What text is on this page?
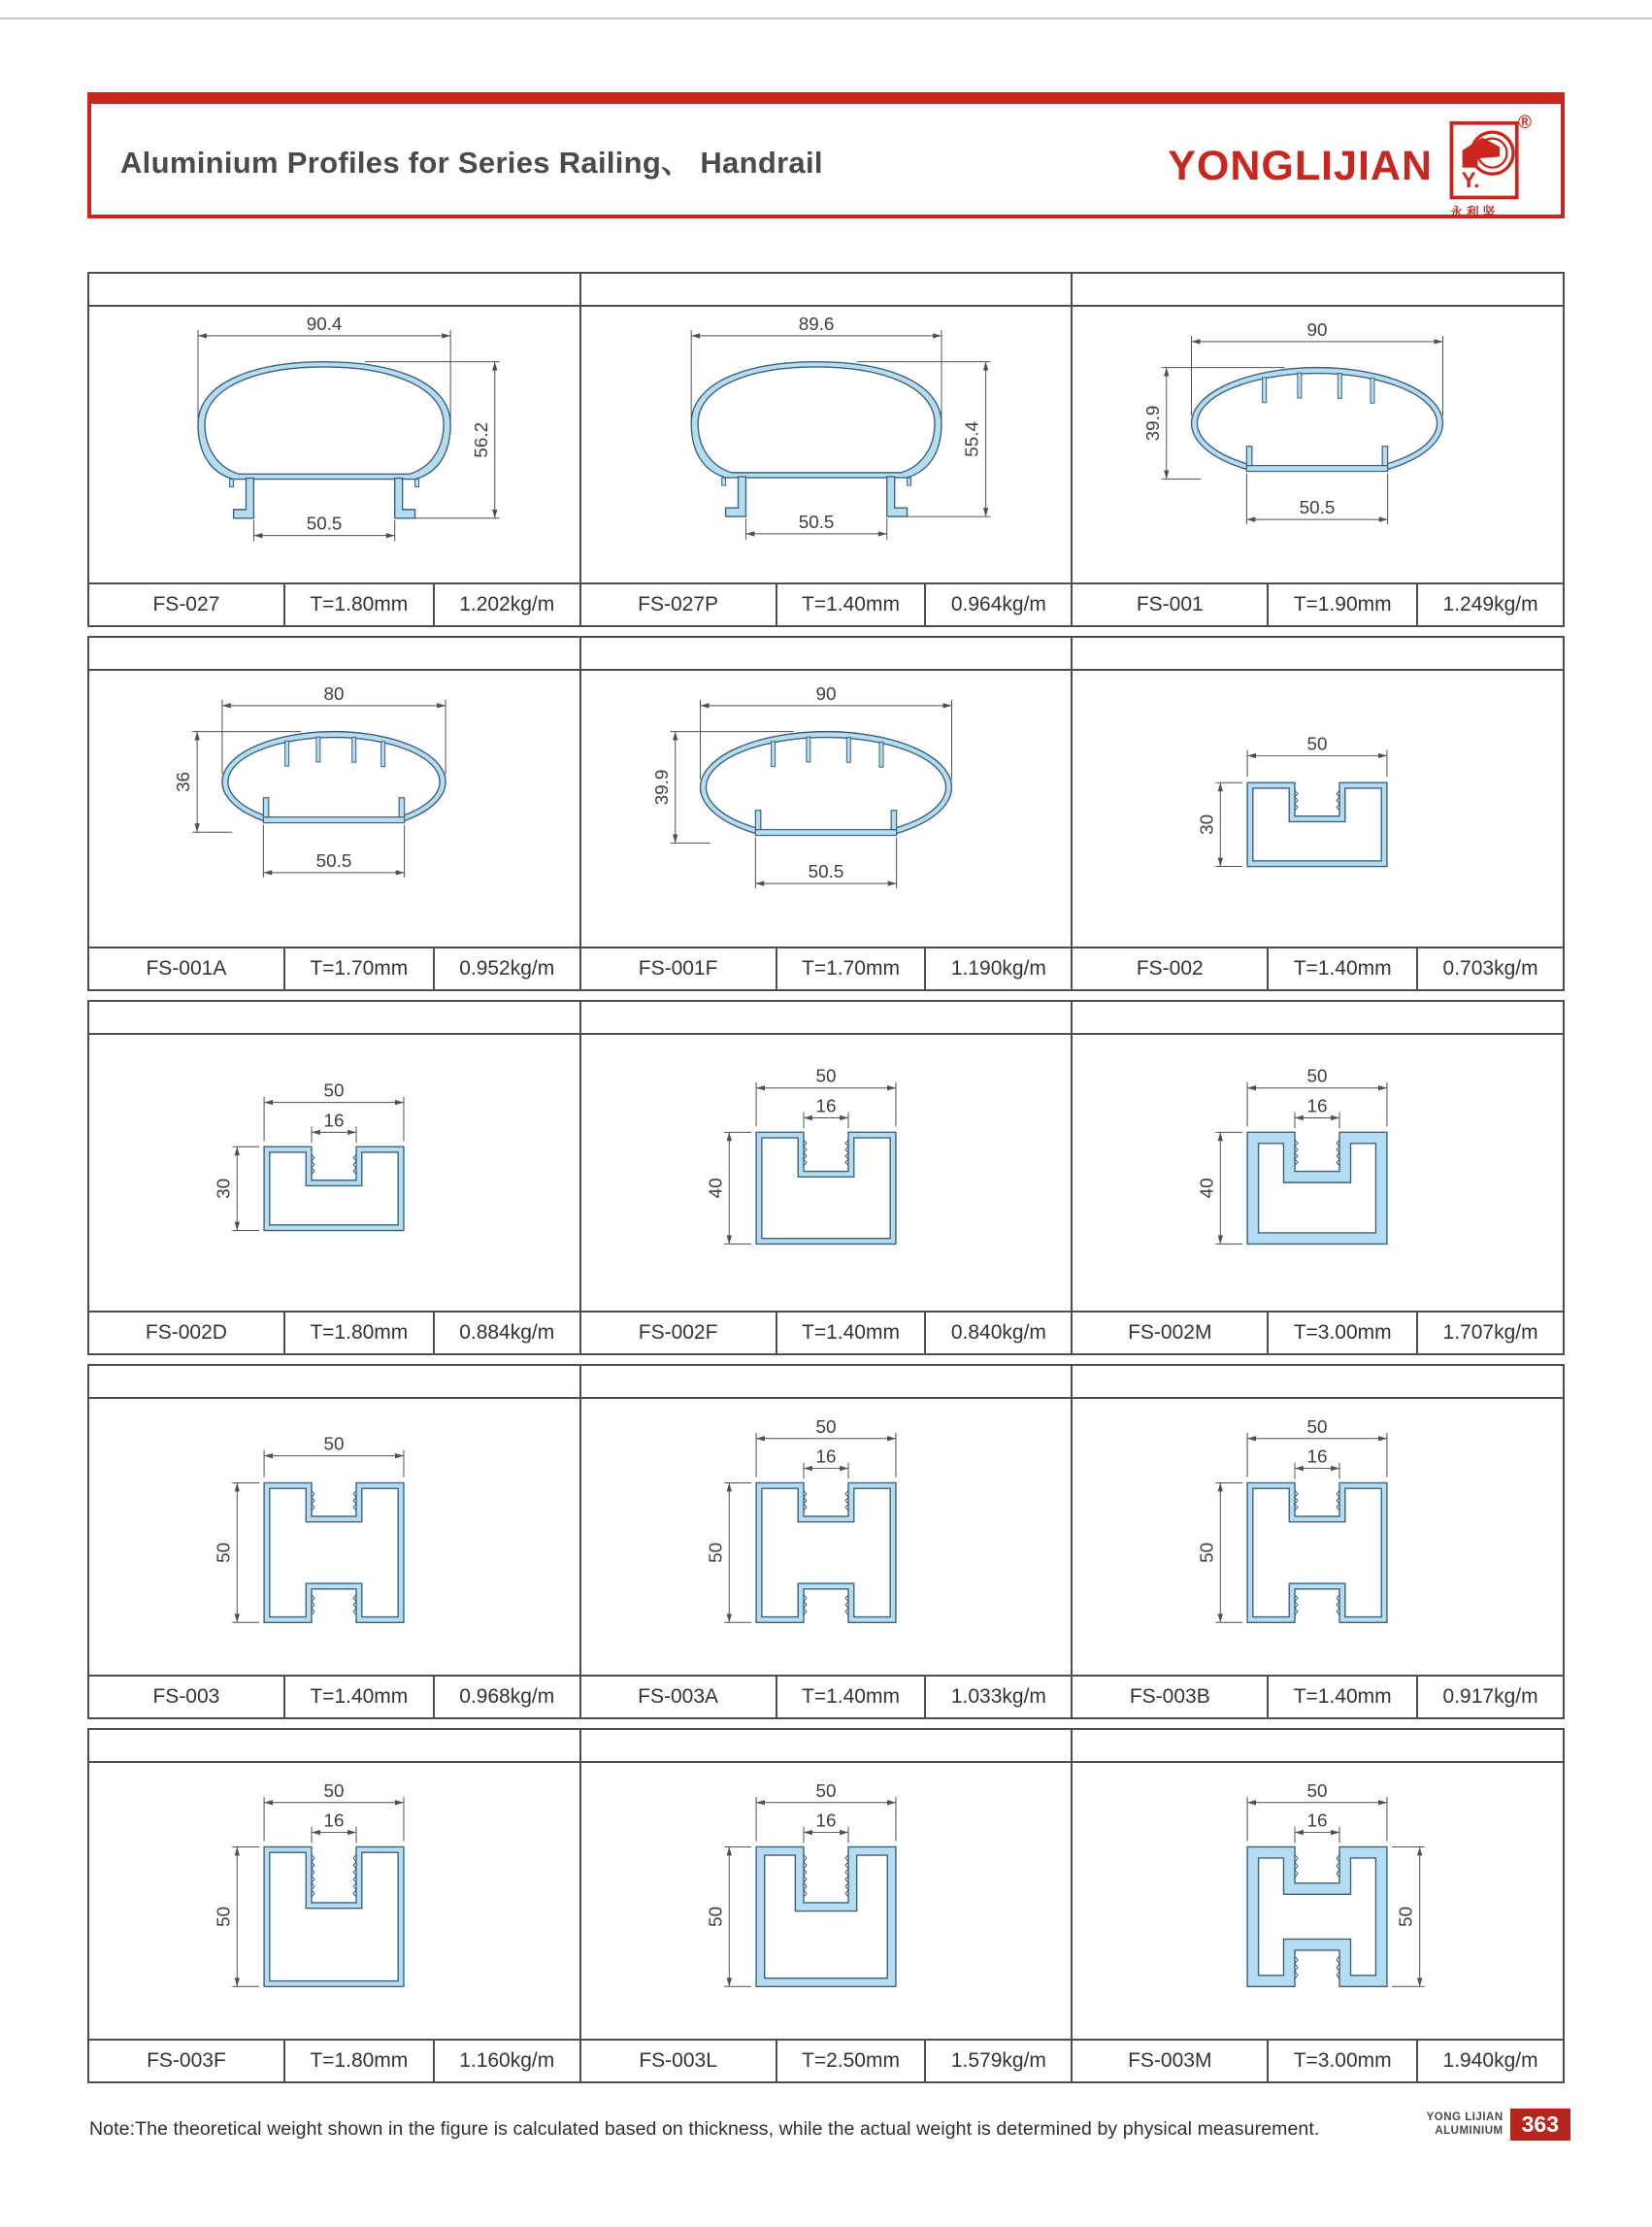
Aluminium Profiles for Series Railing、 Handrail	YONGLIJIAN Y.
®
永 利 坚
90.4
56.2
50.5
89.6
55.4
50.5
90
39.9
50.5
FS-027	T=1.80mm	1.202kg/m	FS-027P	T=1.40mm	0.964kg/m	FS-001	T=1.90mm	1.249kg/m
80
36
50.5
90
39.9
50.5
50
30
FS-001A	T=1.70mm	0.952kg/m	FS-001F	T=1.70mm	1.190kg/m	FS-002	T=1.40mm	0.703kg/m
50
16
30
50
16
40
50
16
40
FS-002D	T=1.80mm	0.884kg/m	FS-002F	T=1.40mm	0.840kg/m	FS-002M	T=3.00mm	1.707kg/m
50
50
50
16
50
50
16
50
FS-003	T=1.40mm	0.968kg/m	FS-003A	T=1.40mm	1.033kg/m	FS-003B	T=1.40mm	0.917kg/m
50
16
50
50
16
50
50
16
50
FS-003F	T=1.80mm	1.160kg/m	FS-003L	T=2.50mm	1.579kg/m	FS-003M	T=3.00mm	1.940kg/m
Note:The theoretical weight shown in the figure is calculated based on thickness, while the actual weight is determined by physical measurement.
YONG LIJIAN
ALUMINIUM 363
